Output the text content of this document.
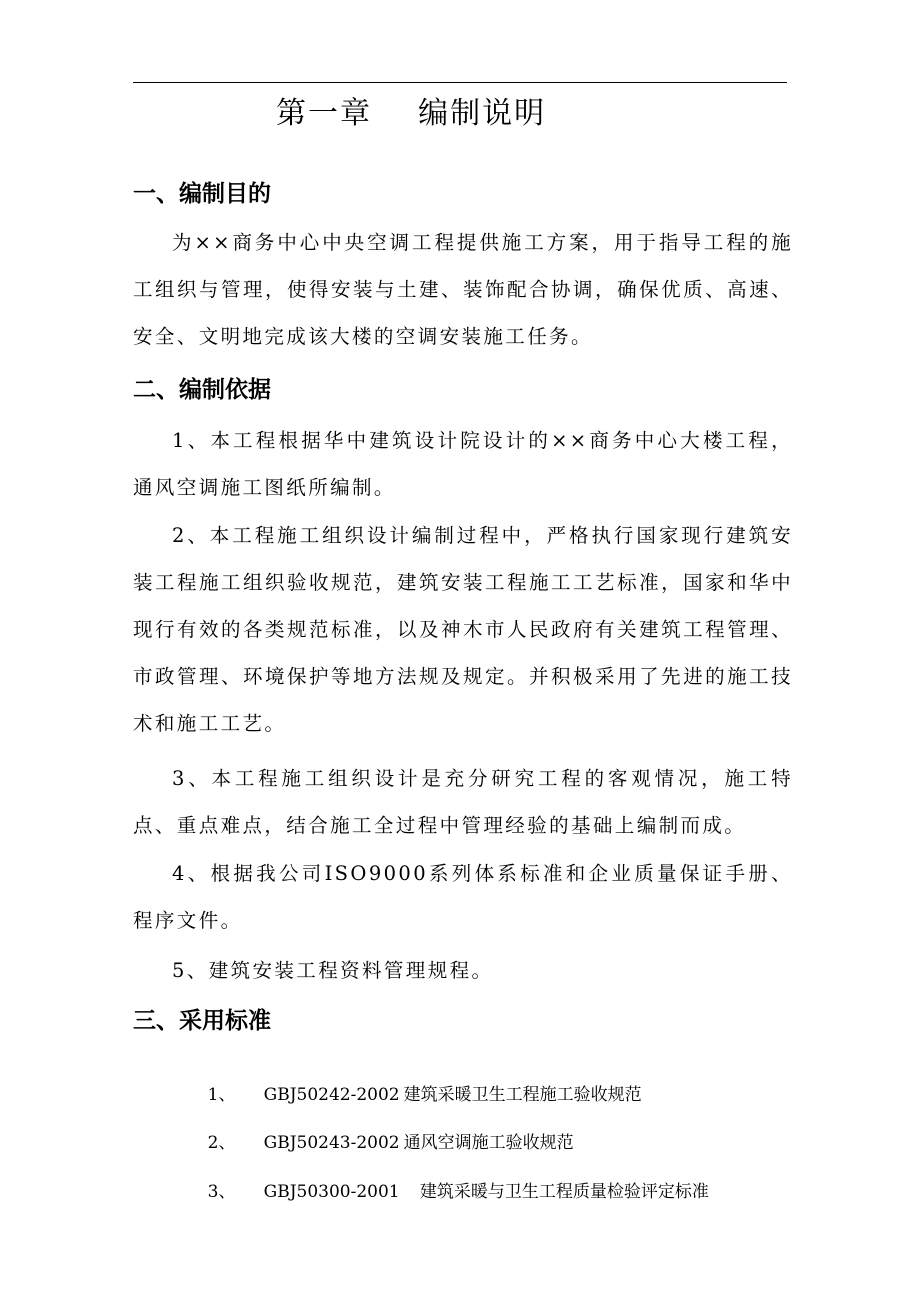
第一章    编制说明
一、编制目的
为××商务中心中央空调工程提供施工方案，用于指导工程的施工组织与管理，使得安装与土建、装饰配合协调，确保优质、高速、安全、文明地完成该大楼的空调安装施工任务。
二、编制依据
1、本工程根据华中建筑设计院设计的××商务中心大楼工程，通风空调施工图纸所编制。
2、本工程施工组织设计编制过程中，严格执行国家现行建筑安装工程施工组织验收规范，建筑安装工程施工工艺标准，国家和华中现行有效的各类规范标准，以及神木市人民政府有关建筑工程管理、市政管理、环境保护等地方法规及规定。并积极采用了先进的施工技术和施工工艺。
3、本工程施工组织设计是充分研究工程的客观情况，施工特点、重点难点，结合施工全过程中管理经验的基础上编制而成。
4、根据我公司ISO9000系列体系标准和企业质量保证手册、程序文件。
5、建筑安装工程资料管理规程。
三、采用标准

1、 GBJ50242-2002 建筑采暖卫生工程施工验收规范

2、 GBJ50243-2002 通风空调施工验收规范

3、 GBJ50300-2001   建筑采暖与卫生工程质量检验评定标准
